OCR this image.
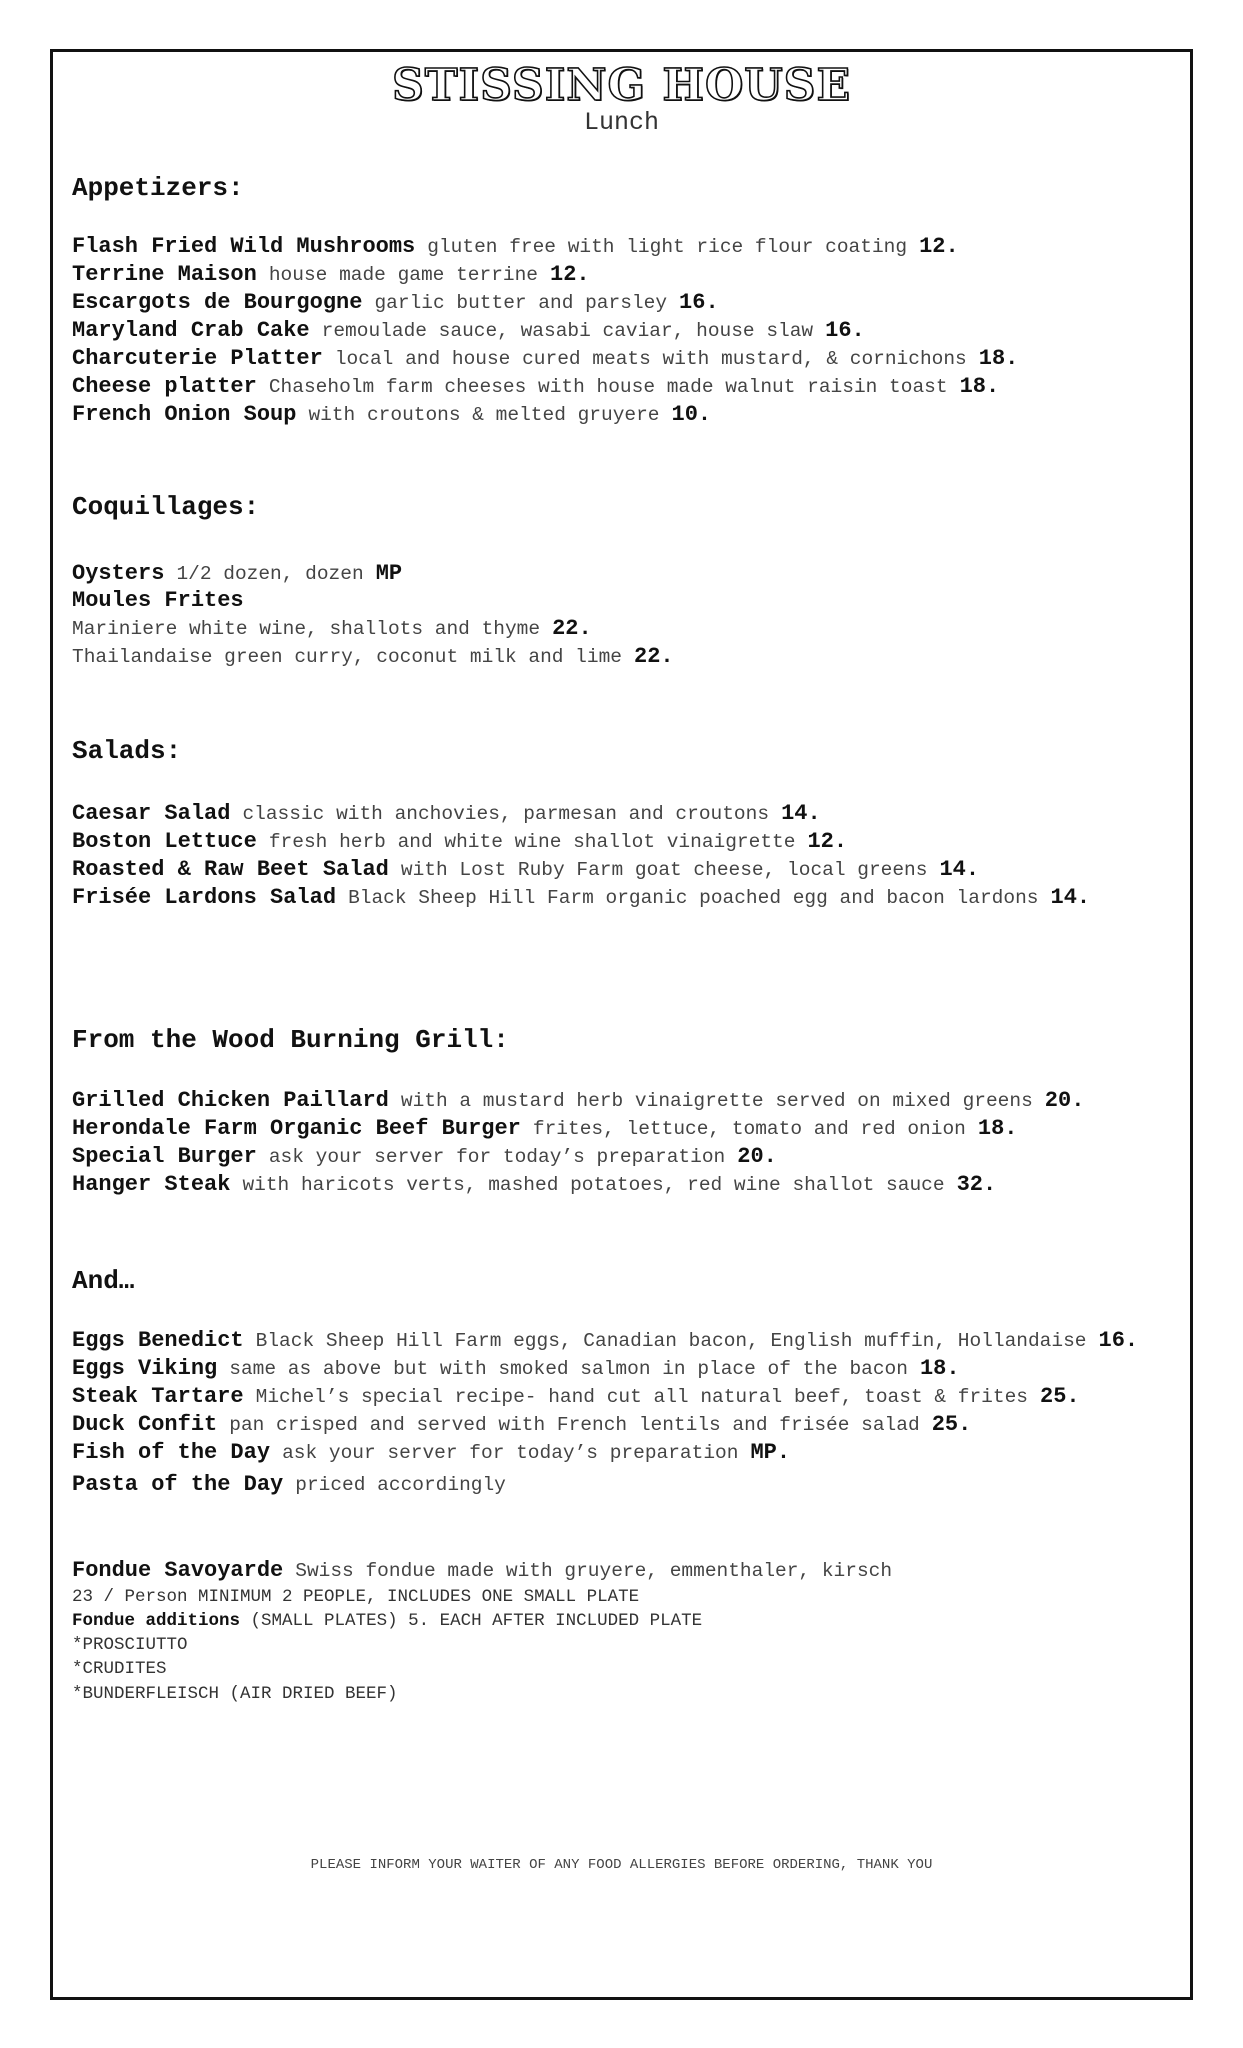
STISSING HOUSE
Lunch
Appetizers:
Flash Fried Wild Mushrooms gluten free with light rice flour coating 12.
Terrine Maison house made game terrine 12.
Escargots de Bourgogne garlic butter and parsley 16.
Maryland Crab Cake remoulade sauce, wasabi caviar, house slaw 16.
Charcuterie Platter local and house cured meats with mustard, & cornichons 18.
Cheese platter Chaseholm farm cheeses with house made walnut raisin toast 18.
French Onion Soup with croutons & melted gruyere 10.
Coquillages:
Oysters 1/2 dozen, dozen MP
Moules Frites
Mariniere white wine, shallots and thyme 22.
Thailandaise green curry, coconut milk and lime 22.
Salads:
Caesar Salad classic with anchovies, parmesan and croutons 14.
Boston Lettuce fresh herb and white wine shallot vinaigrette 12.
Roasted & Raw Beet Salad with Lost Ruby Farm goat cheese, local greens 14.
Frisée Lardons Salad Black Sheep Hill Farm organic poached egg and bacon lardons 14.
From the Wood Burning Grill:
Grilled Chicken Paillard with a mustard herb vinaigrette served on mixed greens 20.
Herondale Farm Organic Beef Burger frites, lettuce, tomato and red onion 18.
Special Burger ask your server for today’s preparation 20.
Hanger Steak with haricots verts, mashed potatoes, red wine shallot sauce 32.
And…
Eggs Benedict Black Sheep Hill Farm eggs, Canadian bacon, English muffin, Hollandaise 16.
Eggs Viking same as above but with smoked salmon in place of the bacon 18.
Steak Tartare Michel’s special recipe- hand cut all natural beef, toast & frites 25.
Duck Confit pan crisped and served with French lentils and frisée salad 25.
Fish of the Day ask your server for today’s preparation MP.
Pasta of the Day priced accordingly
Fondue Savoyarde Swiss fondue made with gruyere, emmenthaler, kirsch
23 / Person MINIMUM 2 PEOPLE, INCLUDES ONE SMALL PLATE
Fondue additions (SMALL PLATES) 5. EACH AFTER INCLUDED PLATE
*PROSCIUTTO
*CRUDITES
*BUNDERFLEISCH (AIR DRIED BEEF)
PLEASE INFORM YOUR WAITER OF ANY FOOD ALLERGIES BEFORE ORDERING, THANK YOU
